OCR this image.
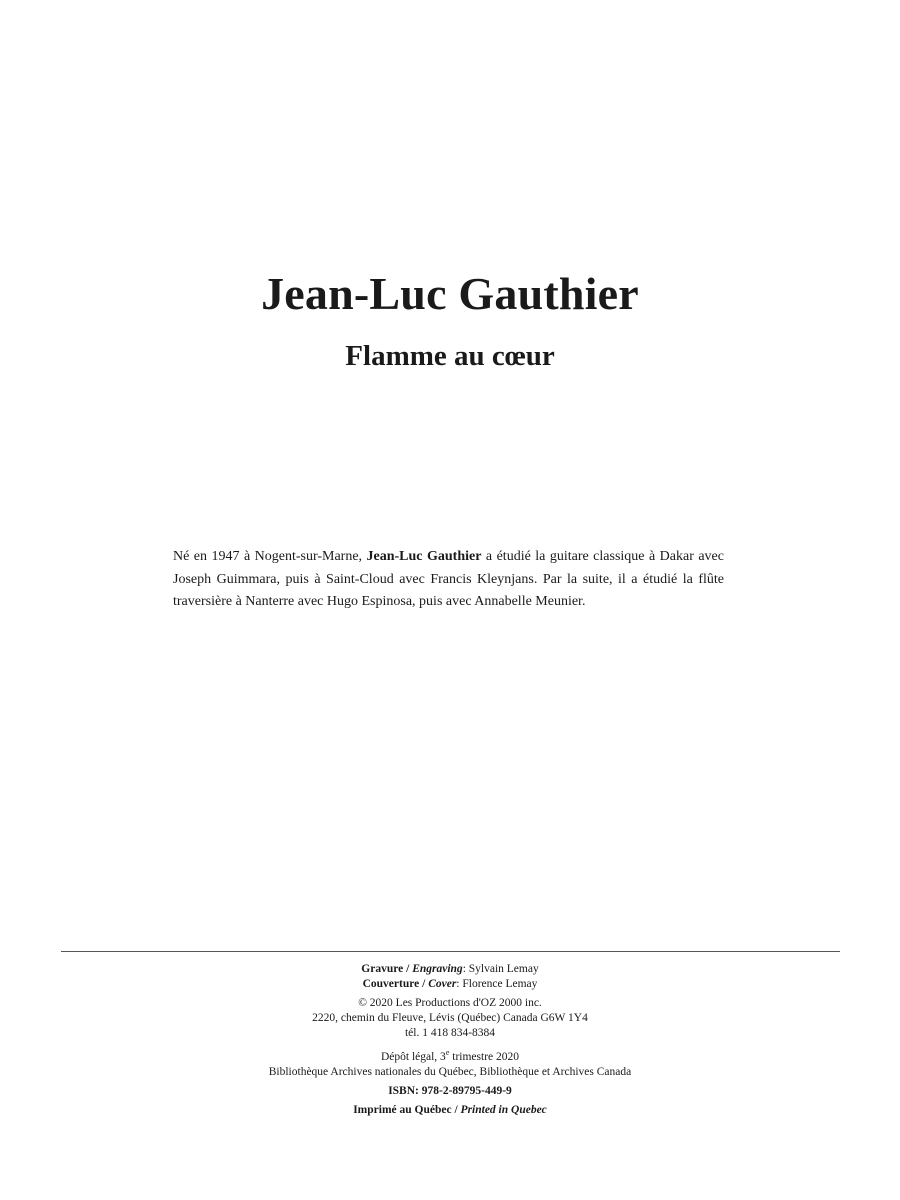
Jean-Luc Gauthier
Flamme au cœur

Né en 1947 à Nogent-sur-Marne, Jean-Luc Gauthier a étudié la guitare classique à Dakar avec Joseph Guimmara, puis à Saint-Cloud avec Francis Kleynjans. Par la suite, il a étudié la flûte traversière à Nanterre avec Hugo Espinosa, puis avec Annabelle Meunier.

Gravure / Engraving: Sylvain Lemay
Couverture / Cover: Florence Lemay
© 2020 Les Productions d'OZ 2000 inc.
2220, chemin du Fleuve, Lévis (Québec) Canada G6W 1Y4
tél. 1 418 834-8384
Dépôt légal, 3e trimestre 2020
Bibliothèque Archives nationales du Québec, Bibliothèque et Archives Canada
ISBN: 978-2-89795-449-9
Imprimé au Québec / Printed in Quebec
